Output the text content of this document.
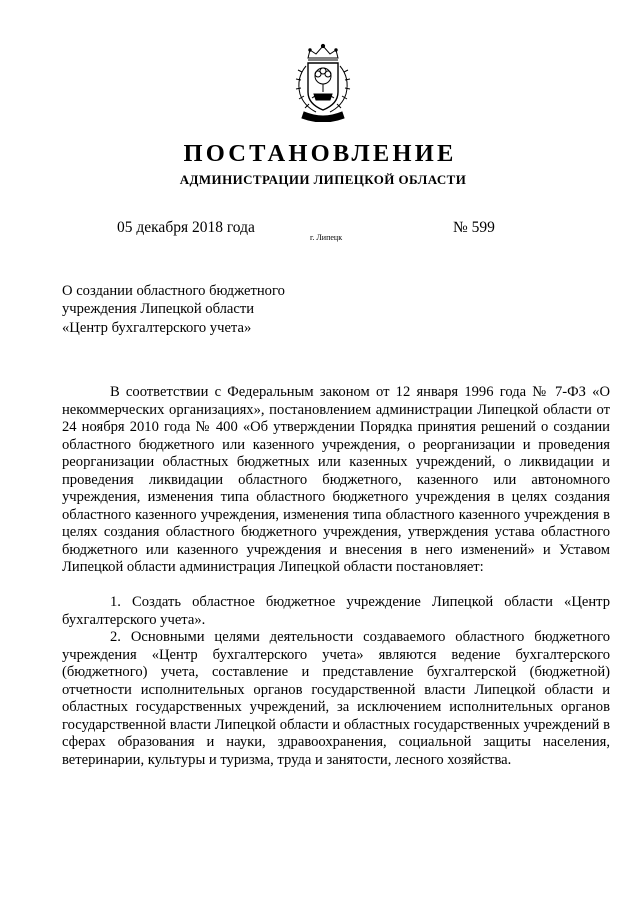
ПОСТАНОВЛЕНИЕ
АДМИНИСТРАЦИИ ЛИПЕЦКОЙ ОБЛАСТИ
05 декабря 2018 года
г. Липецк
№ 599
О создании областного бюджетного
учреждения Липецкой области
«Центр бухгалтерского учета»

В соответствии с Федеральным законом от 12 января 1996 года № 7-ФЗ «О некоммерческих организациях», постановлением администрации Липецкой области от 24 ноября 2010 года № 400 «Об утверждении Порядка принятия решений о создании областного бюджетного или казенного учреждения, о реорганизации и проведения реорганизации областных бюджетных или казенных учреждений, о ликвидации и проведения ликвидации областного бюджетного, казенного или автономного учреждения, изменения типа областного бюджетного учреждения в целях создания областного казенного учреждения, изменения типа областного казенного учреждения в целях создания областного бюджетного учреждения, утверждения устава областного бюджетного или казенного учреждения и внесения в него изменений» и Уставом Липецкой области администрация Липецкой области постановляет:

1. Создать областное бюджетное учреждение Липецкой области «Центр бухгалтерского учета».

2. Основными целями деятельности создаваемого областного бюджетного учреждения «Центр бухгалтерского учета» являются ведение бухгалтерского (бюджетного) учета, составление и представление бухгалтерской (бюджетной) отчетности исполнительных органов государственной власти Липецкой области и областных государственных учреждений, за исключением исполнительных органов государственной власти Липецкой области и областных государственных учреждений в сферах образования и науки, здравоохранения, социальной защиты населения, ветеринарии, культуры и туризма, труда и занятости, лесного хозяйства.
